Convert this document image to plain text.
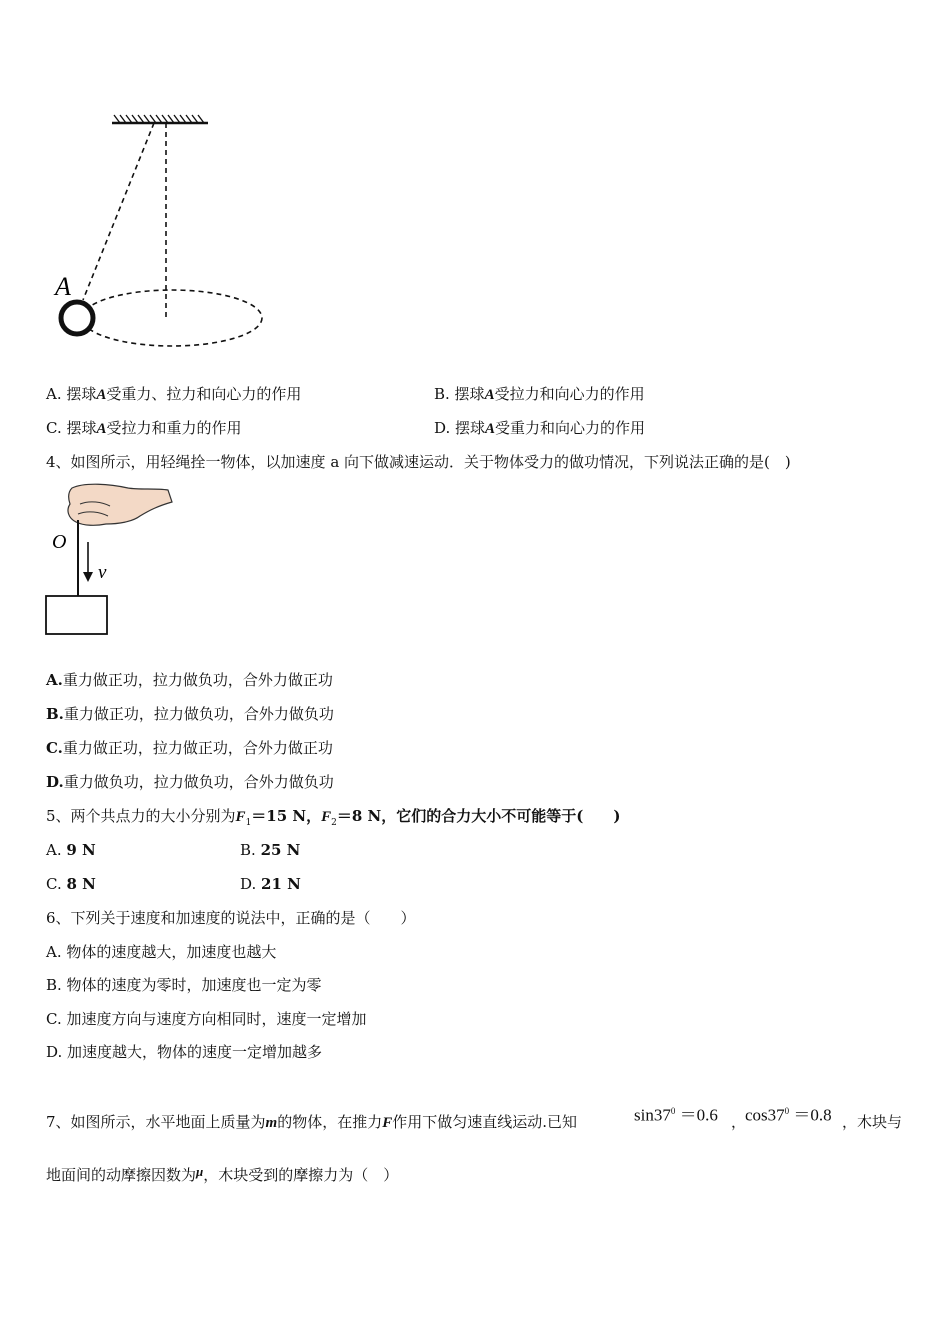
A
A. 摆球A受重力、拉力和向心力的作用	B. 摆球A受拉力和向心力的作用
C. 摆球A受拉力和重力的作用	D. 摆球A受重力和向心力的作用
4、如图所示，用轻绳拴一物体，以加速度 a 向下做减速运动．关于物体受力的做功情况，下列说法正确的是(　)
O
v
A.重力做正功，拉力做负功，合外力做正功
B.重力做正功，拉力做负功，合外力做负功
C.重力做正功，拉力做正功，合外力做正功
D.重力做负功，拉力做负功，合外力做负功
5、两个共点力的大小分别为$F_1=15$ N，$F_2=8$ N，它们的合力大小不可能等于(　　)
A. 9 N	B. 25 N
C. 8 N	D. 21 N
6、下列关于速度和加速度的说法中，正确的是（　　）
A. 物体的速度越大，加速度也越大
B. 物体的速度为零时，加速度也一定为零
C. 加速度方向与速度方向相同时，速度一定增加
D. 加速度越大，物体的速度一定增加越多
7、如图所示，水平地面上质量为m的物体，在推力F作用下做匀速直线运动.已知	$\sin 37^0 =0.6$ ，
$\cos 37^0 =0.8$ ，木块与
地面间的动摩擦因数为μ，木块受到的摩擦力为（　）
